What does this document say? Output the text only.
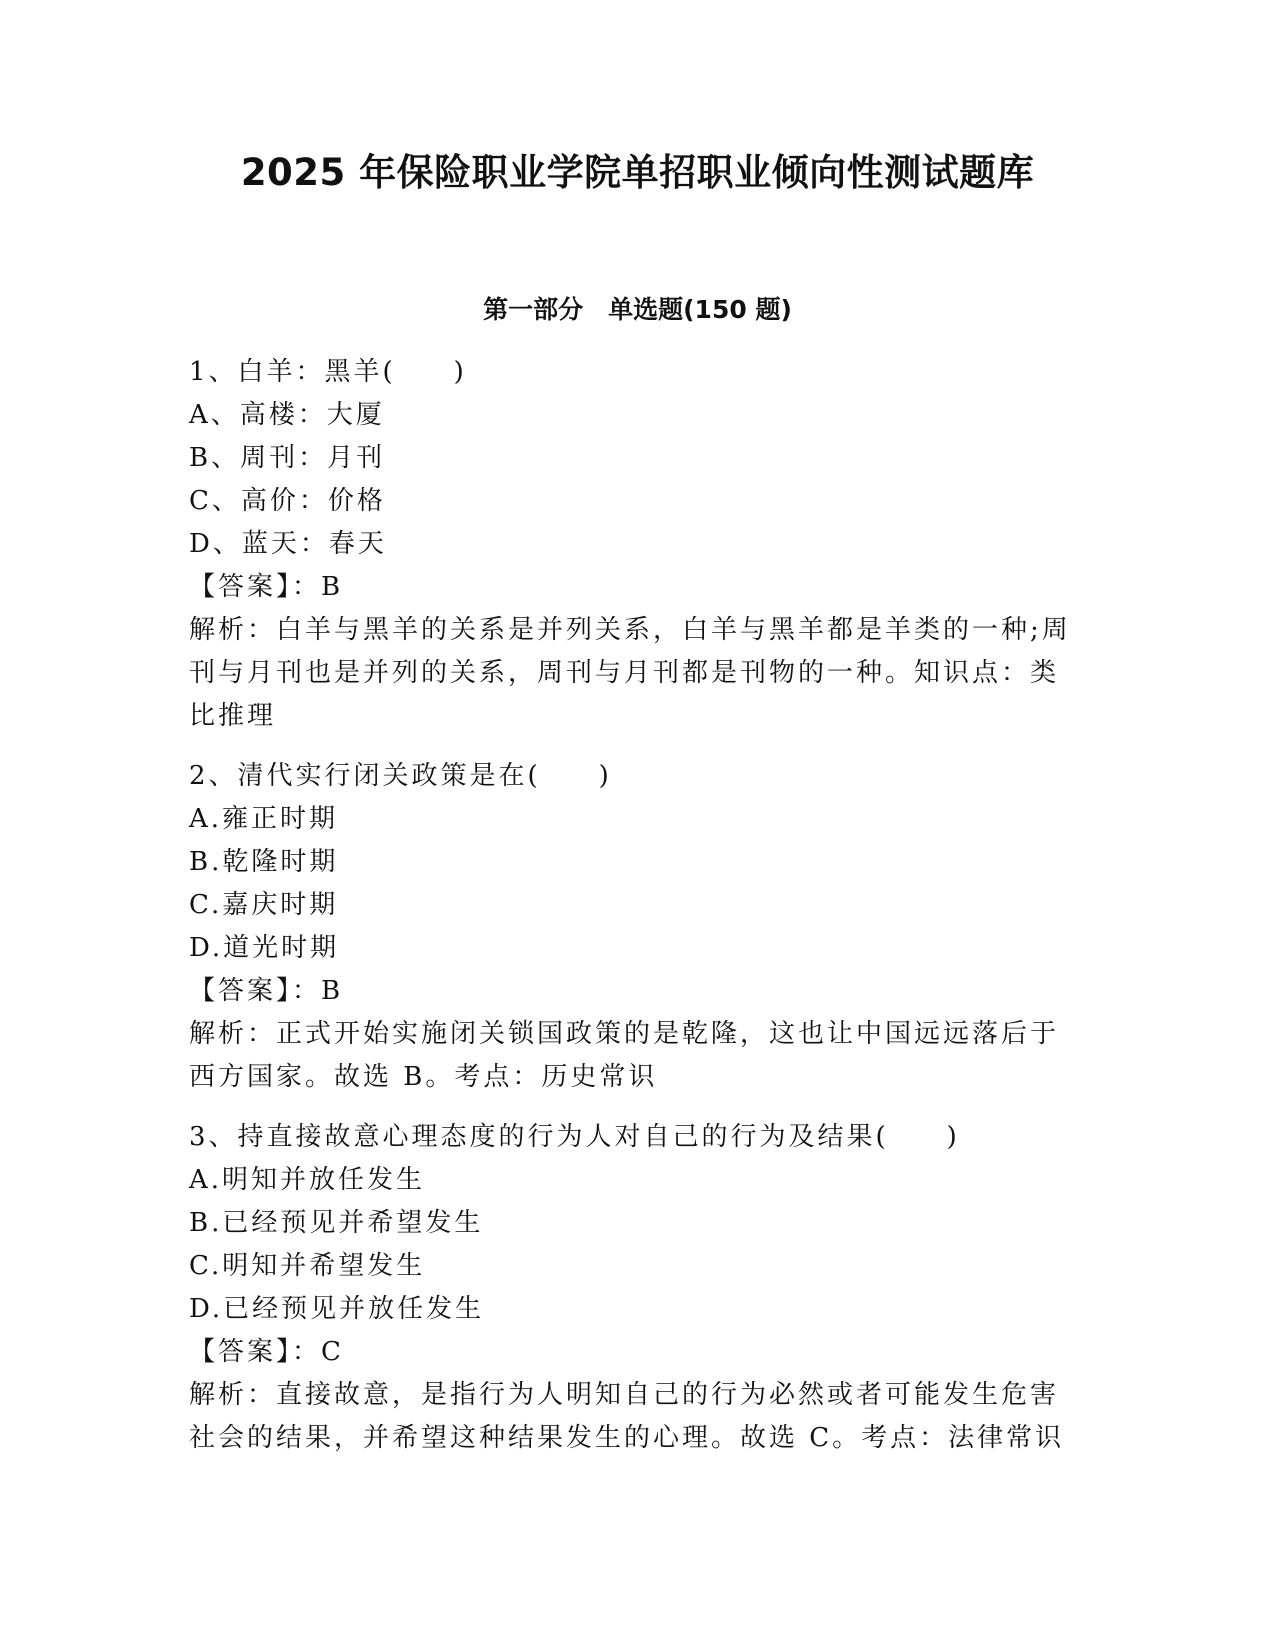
2025 年保险职业学院单招职业倾向性测试题库
第一部分　单选题(150 题)
1、白羊：黑羊(　　)
A、高楼：大厦
B、周刊：月刊
C、高价：价格
D、蓝天：春天
【答案】：B
解析：白羊与黑羊的关系是并列关系，白羊与黑羊都是羊类的一种;周
刊与月刊也是并列的关系，周刊与月刊都是刊物的一种。知识点：类
比推理
2、清代实行闭关政策是在(　　)
A.雍正时期
B.乾隆时期
C.嘉庆时期
D.道光时期
【答案】：B
解析：正式开始实施闭关锁国政策的是乾隆，这也让中国远远落后于
西方国家。故选 B。考点：历史常识
3、持直接故意心理态度的行为人对自己的行为及结果(　　)
A.明知并放任发生
B.已经预见并希望发生
C.明知并希望发生
D.已经预见并放任发生
【答案】：C
解析：直接故意，是指行为人明知自己的行为必然或者可能发生危害
社会的结果，并希望这种结果发生的心理。故选 C。考点：法律常识
